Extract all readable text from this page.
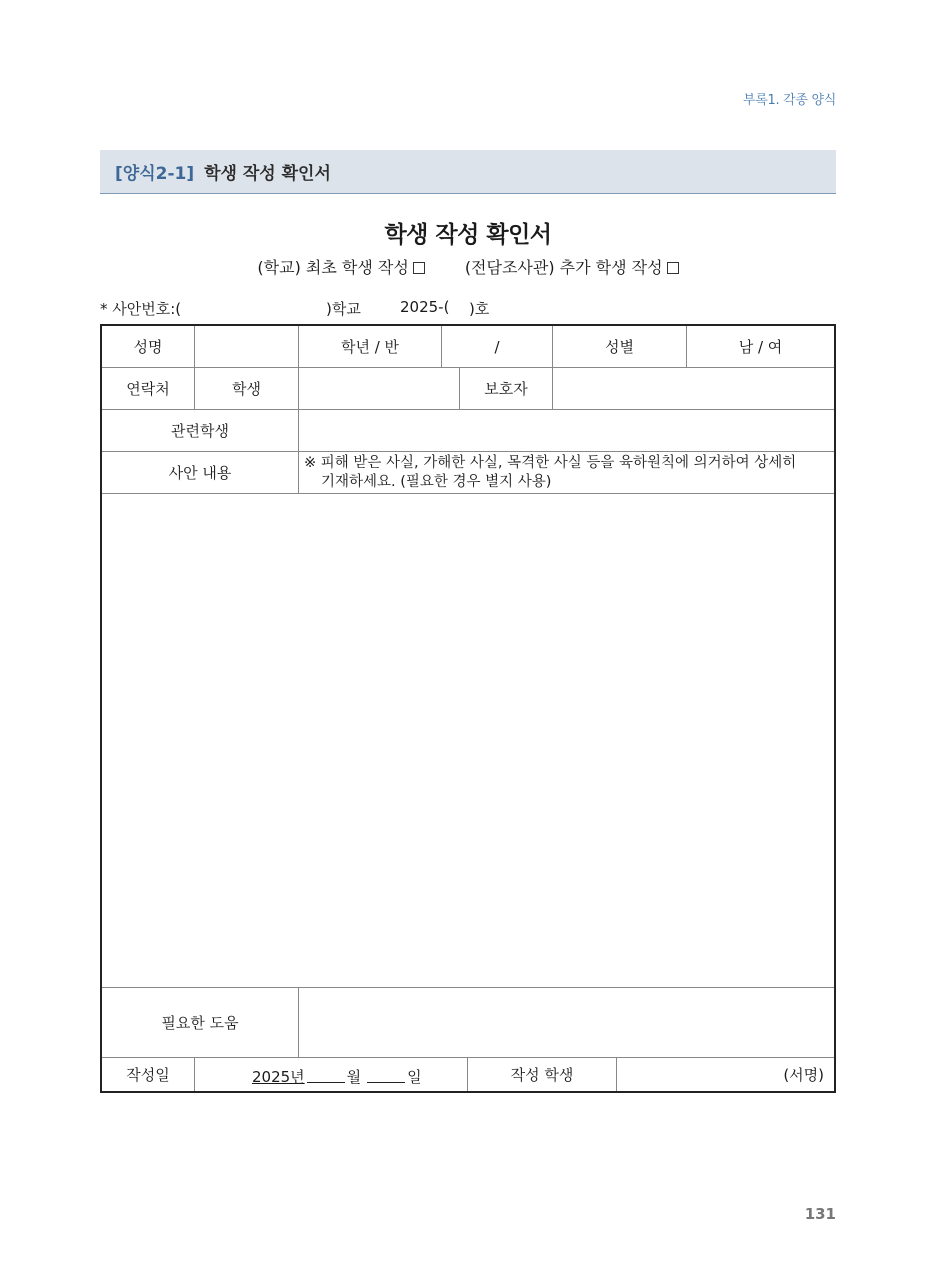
부록1. 각종 양식
[양식2-1] 학생 작성 확인서
학생 작성 확인서
(학교) 최초 학생 작성	(전담조사관) 추가 학생 작성
* 사안번호:(	)학교	2025-( )호
성명	학년 / 반	/	성별	남 / 여
연락처	학생	보호자
관련학생
사안 내용
※ 피해 받은 사실, 가해한 사실, 목격한 사실 등을 육하원칙에 의거하여 상세히
기재하세요. (필요한 경우 별지 사용)
필요한 도움
작성일	2025년	월	일	작성 학생	(서명)
131
